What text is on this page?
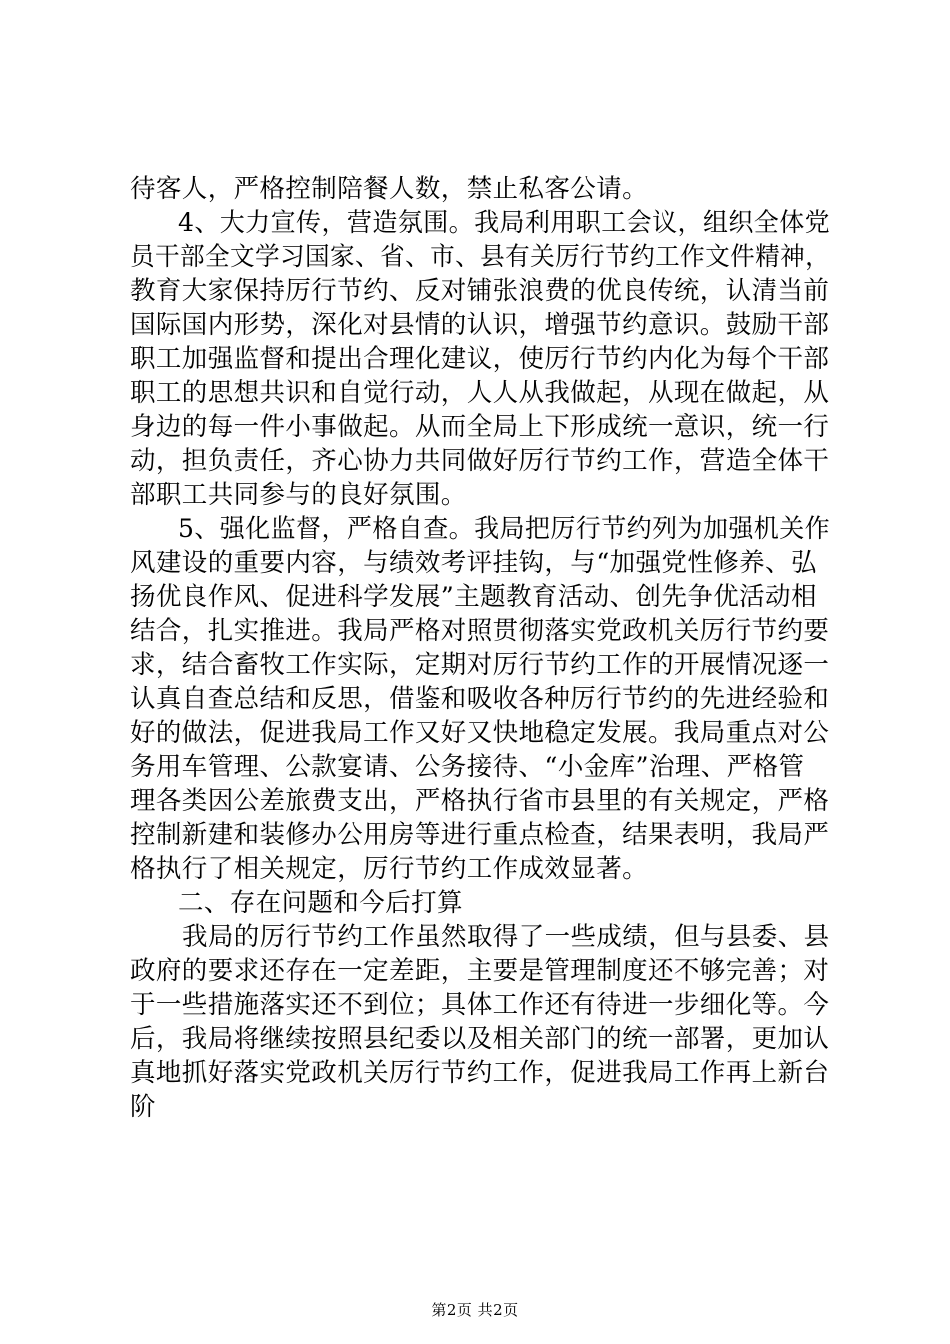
待客人，严格控制陪餐人数，禁止私客公请。
4、大力宣传，营造氛围。我局利用职工会议，组织全体党
员干部全文学习国家、省、市、县有关厉行节约工作文件精神，
教育大家保持厉行节约、反对铺张浪费的优良传统，认清当前
国际国内形势，深化对县情的认识，增强节约意识。鼓励干部
职工加强监督和提出合理化建议，使厉行节约内化为每个干部
职工的思想共识和自觉行动，人人从我做起，从现在做起，从
身边的每一件小事做起。从而全局上下形成统一意识，统一行
动，担负责任，齐心协力共同做好厉行节约工作，营造全体干
部职工共同参与的良好氛围。
5、强化监督，严格自查。我局把厉行节约列为加强机关作
风建设的重要内容，与绩效考评挂钩，与“加强党性修养、弘
扬优良作风、促进科学发展”主题教育活动、创先争优活动相
结合，扎实推进。我局严格对照贯彻落实党政机关厉行节约要
求，结合畜牧工作实际，定期对厉行节约工作的开展情况逐一
认真自查总结和反思，借鉴和吸收各种厉行节约的先进经验和
好的做法，促进我局工作又好又快地稳定发展。我局重点对公
务用车管理、公款宴请、公务接待、“小金库”治理、严格管
理各类因公差旅费支出，严格执行省市县里的有关规定，严格
控制新建和装修办公用房等进行重点检查，结果表明，我局严
格执行了相关规定，厉行节约工作成效显著。
二、存在问题和今后打算
我局的厉行节约工作虽然取得了一些成绩，但与县委、县
政府的要求还存在一定差距，主要是管理制度还不够完善；对
于一些措施落实还不到位；具体工作还有待进一步细化等。今
后，我局将继续按照县纪委以及相关部门的统一部署，更加认
真地抓好落实党政机关厉行节约工作，促进我局工作再上新台
阶
第2页 共2页
